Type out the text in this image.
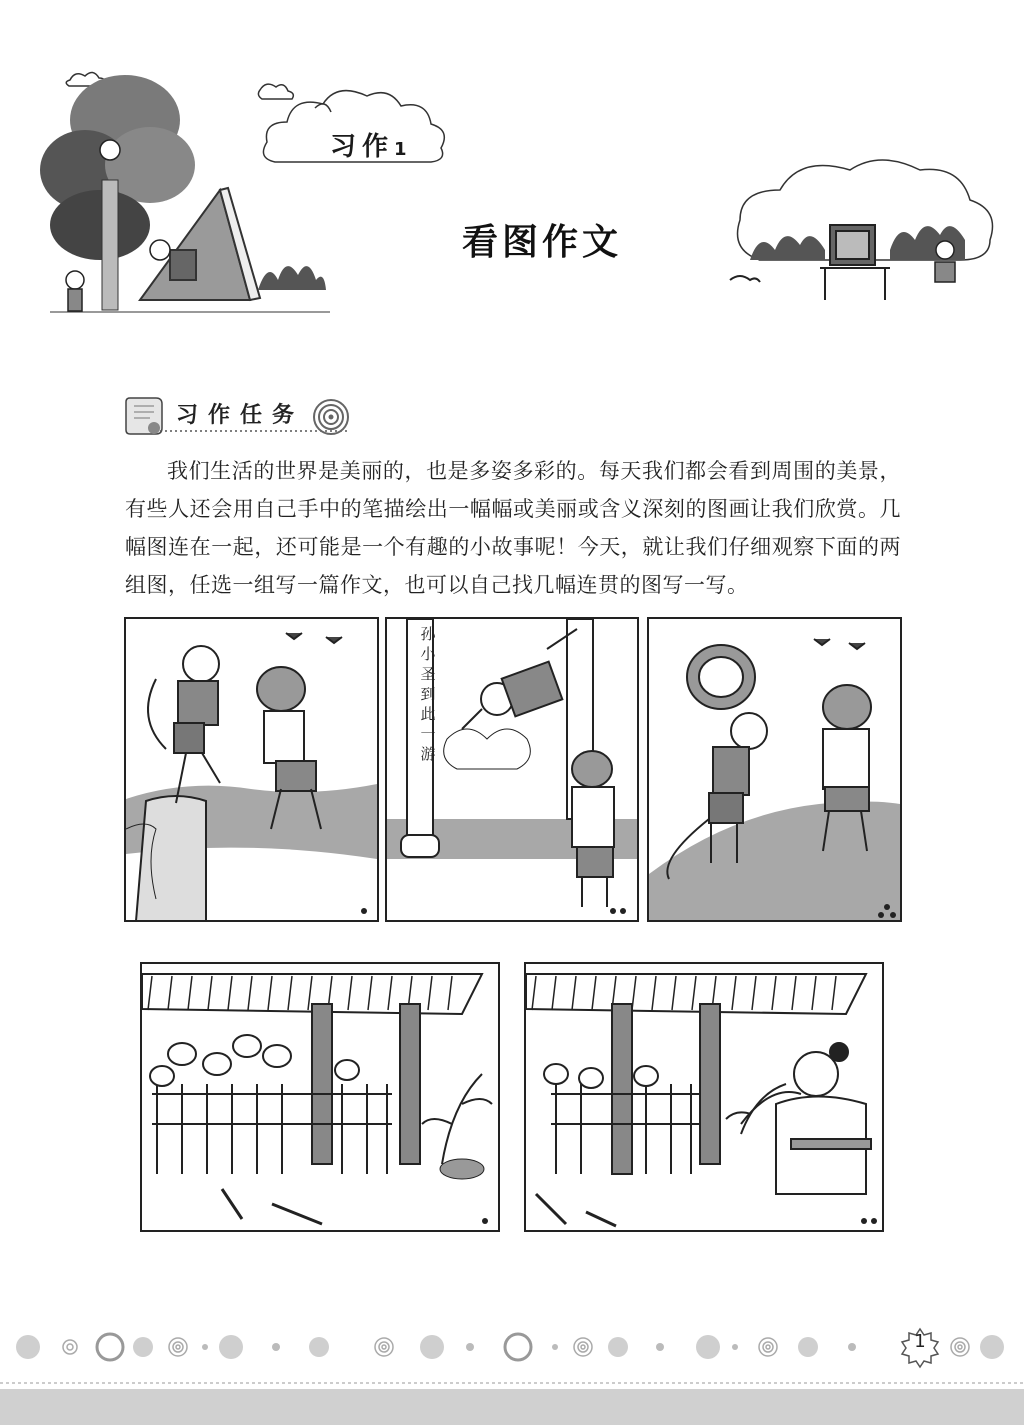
习作1
看图作文
习作任务

我们生活的世界是美丽的，也是多姿多彩的。每天我们都会看到周围的美景，有些人还会用自己手中的笔描绘出一幅幅或美丽或含义深刻的图画让我们欣赏。几幅图连在一起，还可能是一个有趣的小故事呢！今天，就让我们仔细观察下面的两组图，任选一组写一篇作文，也可以自己找几幅连贯的图写一写。

孙小圣到此一游
1
